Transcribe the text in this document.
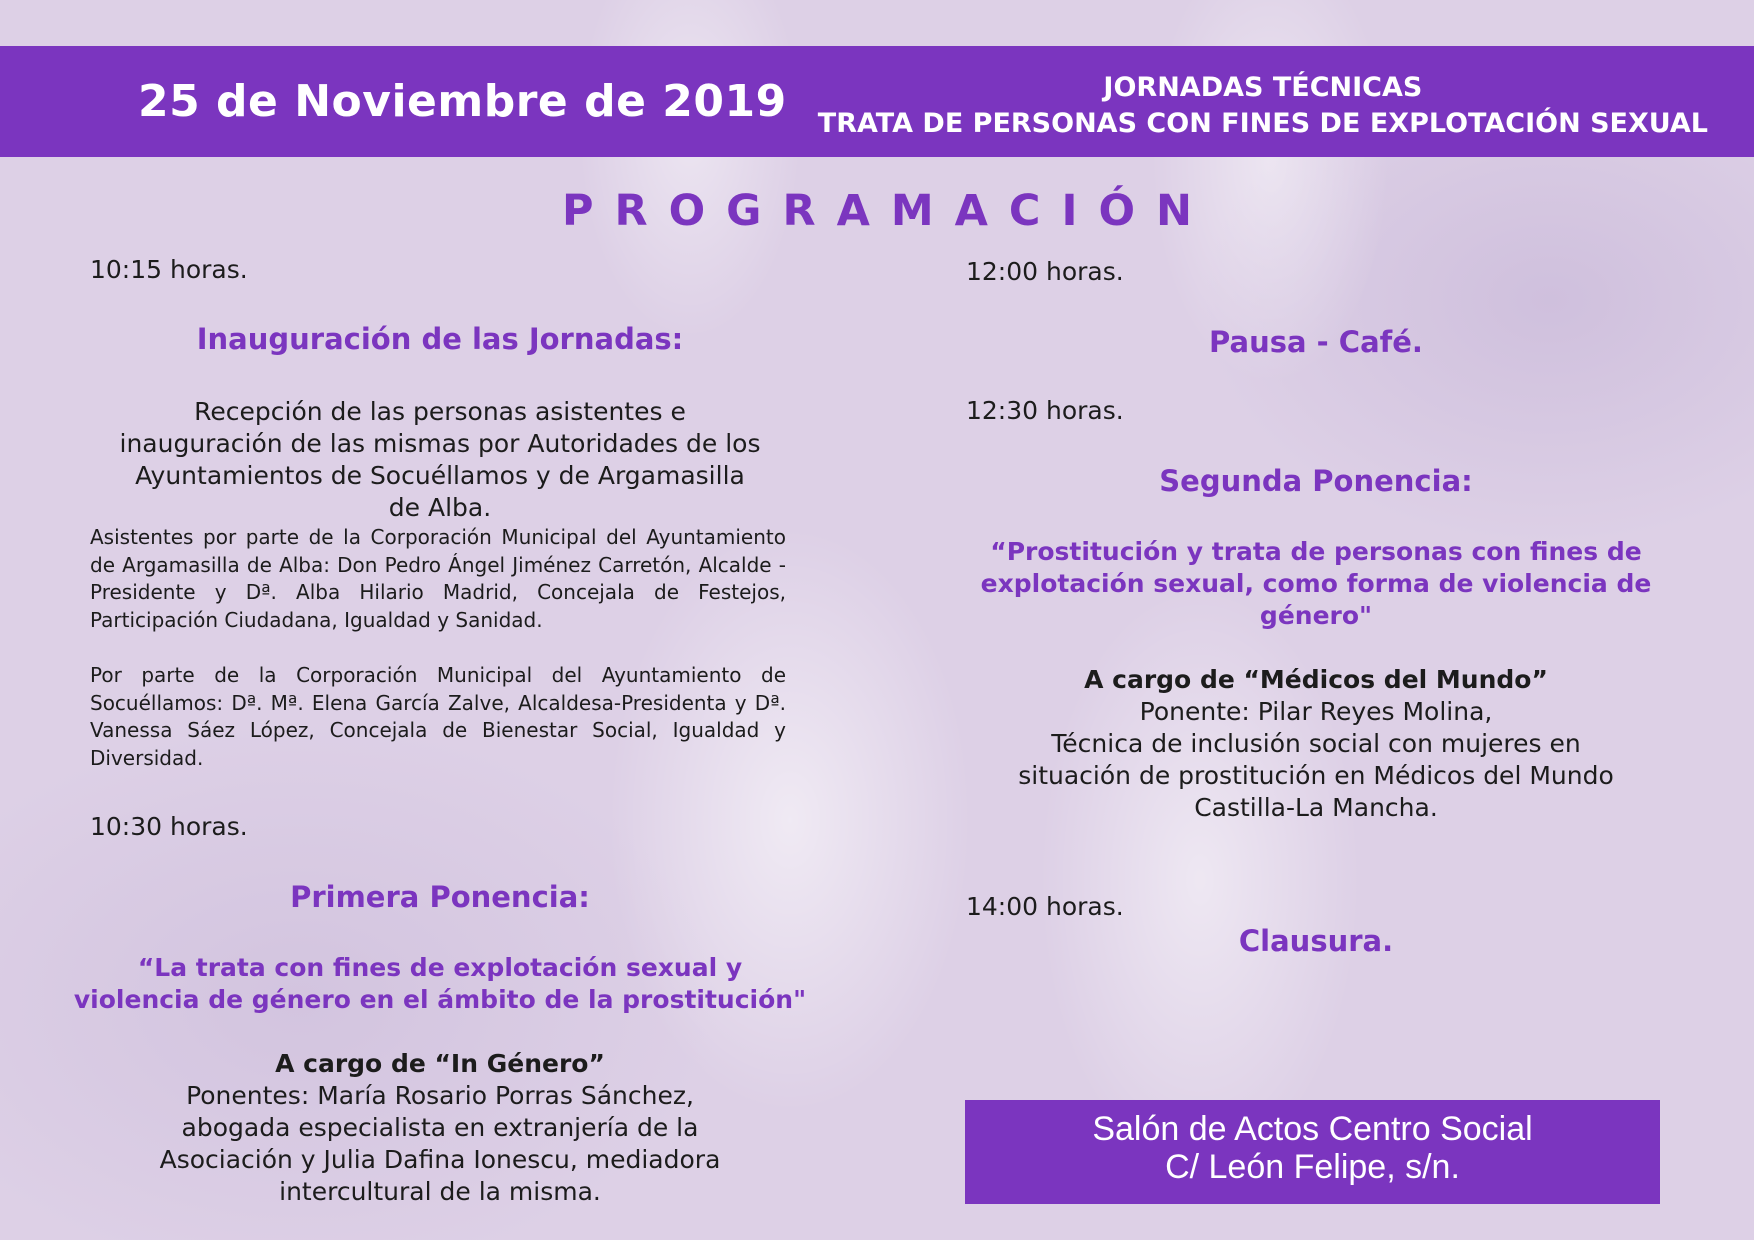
25 de Noviembre de 2019	JORNADAS TÉCNICAS
TRATA DE PERSONAS CON FINES DE EXPLOTACIÓN SEXUAL
PROGRAMACIÓN
10:15 horas.
Inauguración de las Jornadas:
Recepción de las personas asistentes e
inauguración de las mismas por Autoridades de los
Ayuntamientos de Socuéllamos y de Argamasilla
de Alba.
Asistentes por parte de la Corporación Municipal del Ayuntamiento de Argamasilla de Alba: Don Pedro Ángel Jiménez Carretón, Alcalde - Presidente y Dª. Alba Hilario Madrid, Concejala de Festejos, Participación Ciudadana, Igualdad y Sanidad.
Por parte de la Corporación Municipal del Ayuntamiento de Socuéllamos: Dª. Mª. Elena García Zalve, Alcaldesa-Presidenta y Dª. Vanessa Sáez López, Concejala de Bienestar Social, Igualdad y Diversidad.
10:30 horas.
Primera Ponencia:
“La trata con fines de explotación sexual y
violencia de género en el ámbito de la prostitución"
A cargo de “In Género”
Ponentes: María Rosario Porras Sánchez,
abogada especialista en extranjería de la
Asociación y Julia Dafina Ionescu, mediadora
intercultural de la misma.
12:00 horas.
Pausa - Café.
12:30 horas.
Segunda Ponencia:
“Prostitución y trata de personas con fines de
explotación sexual, como forma de violencia de
género"
A cargo de “Médicos del Mundo”
Ponente: Pilar Reyes Molina,
Técnica de inclusión social con mujeres en
situación de prostitución en Médicos del Mundo
Castilla-La Mancha.
14:00 horas.
Clausura.
Salón de Actos Centro Social
C/ León Felipe, s/n.
